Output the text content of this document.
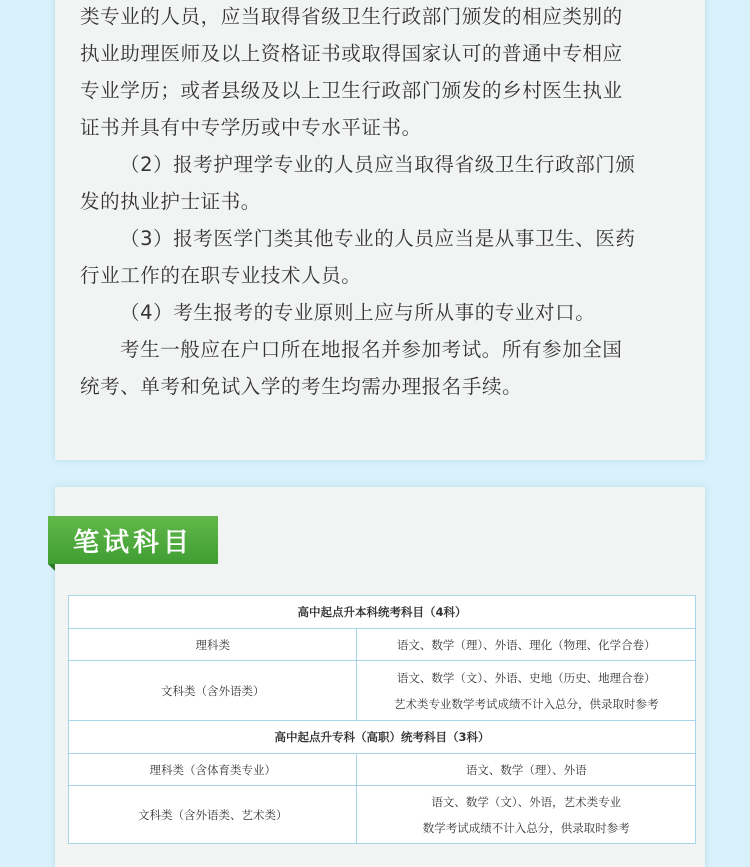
类专业的人员，应当取得省级卫生行政部门颁发的相应类别的
执业助理医师及以上资格证书或取得国家认可的普通中专相应
专业学历；或者县级及以上卫生行政部门颁发的乡村医生执业
证书并具有中专学历或中专水平证书。
（2）报考护理学专业的人员应当取得省级卫生行政部门颁
发的执业护士证书。
（3）报考医学门类其他专业的人员应当是从事卫生、医药
行业工作的在职专业技术人员。
（4）考生报考的专业原则上应与所从事的专业对口。
考生一般应在户口所在地报名并参加考试。所有参加全国
统考、单考和免试入学的考生均需办理报名手续。
笔试科目
高中起点升本科统考科目（4科）	
理科类	语文、数学（理）、外语、理化（物理、化学合卷）
文科类（含外语类）	语文、数学（文）、外语、史地（历史、地理合卷）
艺术类专业数学考试成绩不计入总分，供录取时参考

高中起点升专科（高职）统考科目（3科）	
理科类（含体育类专业）	语文、数学（理）、外语
文科类（含外语类、艺术类）	语文、数学（文）、外语，艺术类专业
数学考试成绩不计入总分，供录取时参考
